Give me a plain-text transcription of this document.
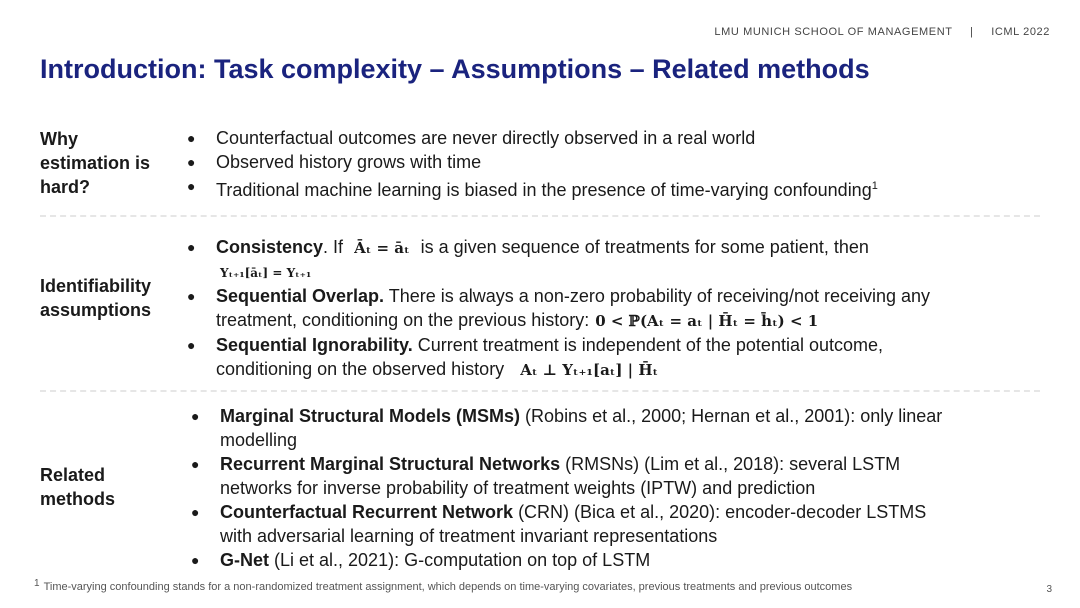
LMU MUNICH SCHOOL OF MANAGEMENT | ICML 2022
Introduction: Task complexity – Assumptions – Related methods
Why
estimation is
hard?
● Counterfactual outcomes are never directly observed in a real world
● Observed history grows with time
● Traditional machine learning is biased in the presence of time-varying confounding$^1$
Identifiability
assumptions
● Consistency. If Āₜ = āₜ is a given sequence of treatments for some patient, then
Yₜ₊₁[āₜ] = Yₜ₊₁
● Sequential Overlap. There is always a non-zero probability of receiving/not receiving any
treatment, conditioning on the previous history: 0 < ℙ(Aₜ = aₜ | H̄ₜ = h̄ₜ) < 1
● Sequential Ignorability. Current treatment is independent of the potential outcome,
conditioning on the observed history Aₜ ⊥ Yₜ₊₁[aₜ] | H̄ₜ
Related
methods
● Marginal Structural Models (MSMs) (Robins et al., 2000; Hernan et al., 2001): only linear
modelling
● Recurrent Marginal Structural Networks (RMSNs) (Lim et al., 2018): several LSTM
networks for inverse probability of treatment weights (IPTW) and prediction
● Counterfactual Recurrent Network (CRN) (Bica et al., 2020): encoder-decoder LSTMS
with adversarial learning of treatment invariant representations
● G-Net (Li et al., 2021): G-computation on top of LSTM
1 Time-varying confounding stands for a non-randomized treatment assignment, which depends on time-varying covariates, previous treatments and previous outcomes	3
